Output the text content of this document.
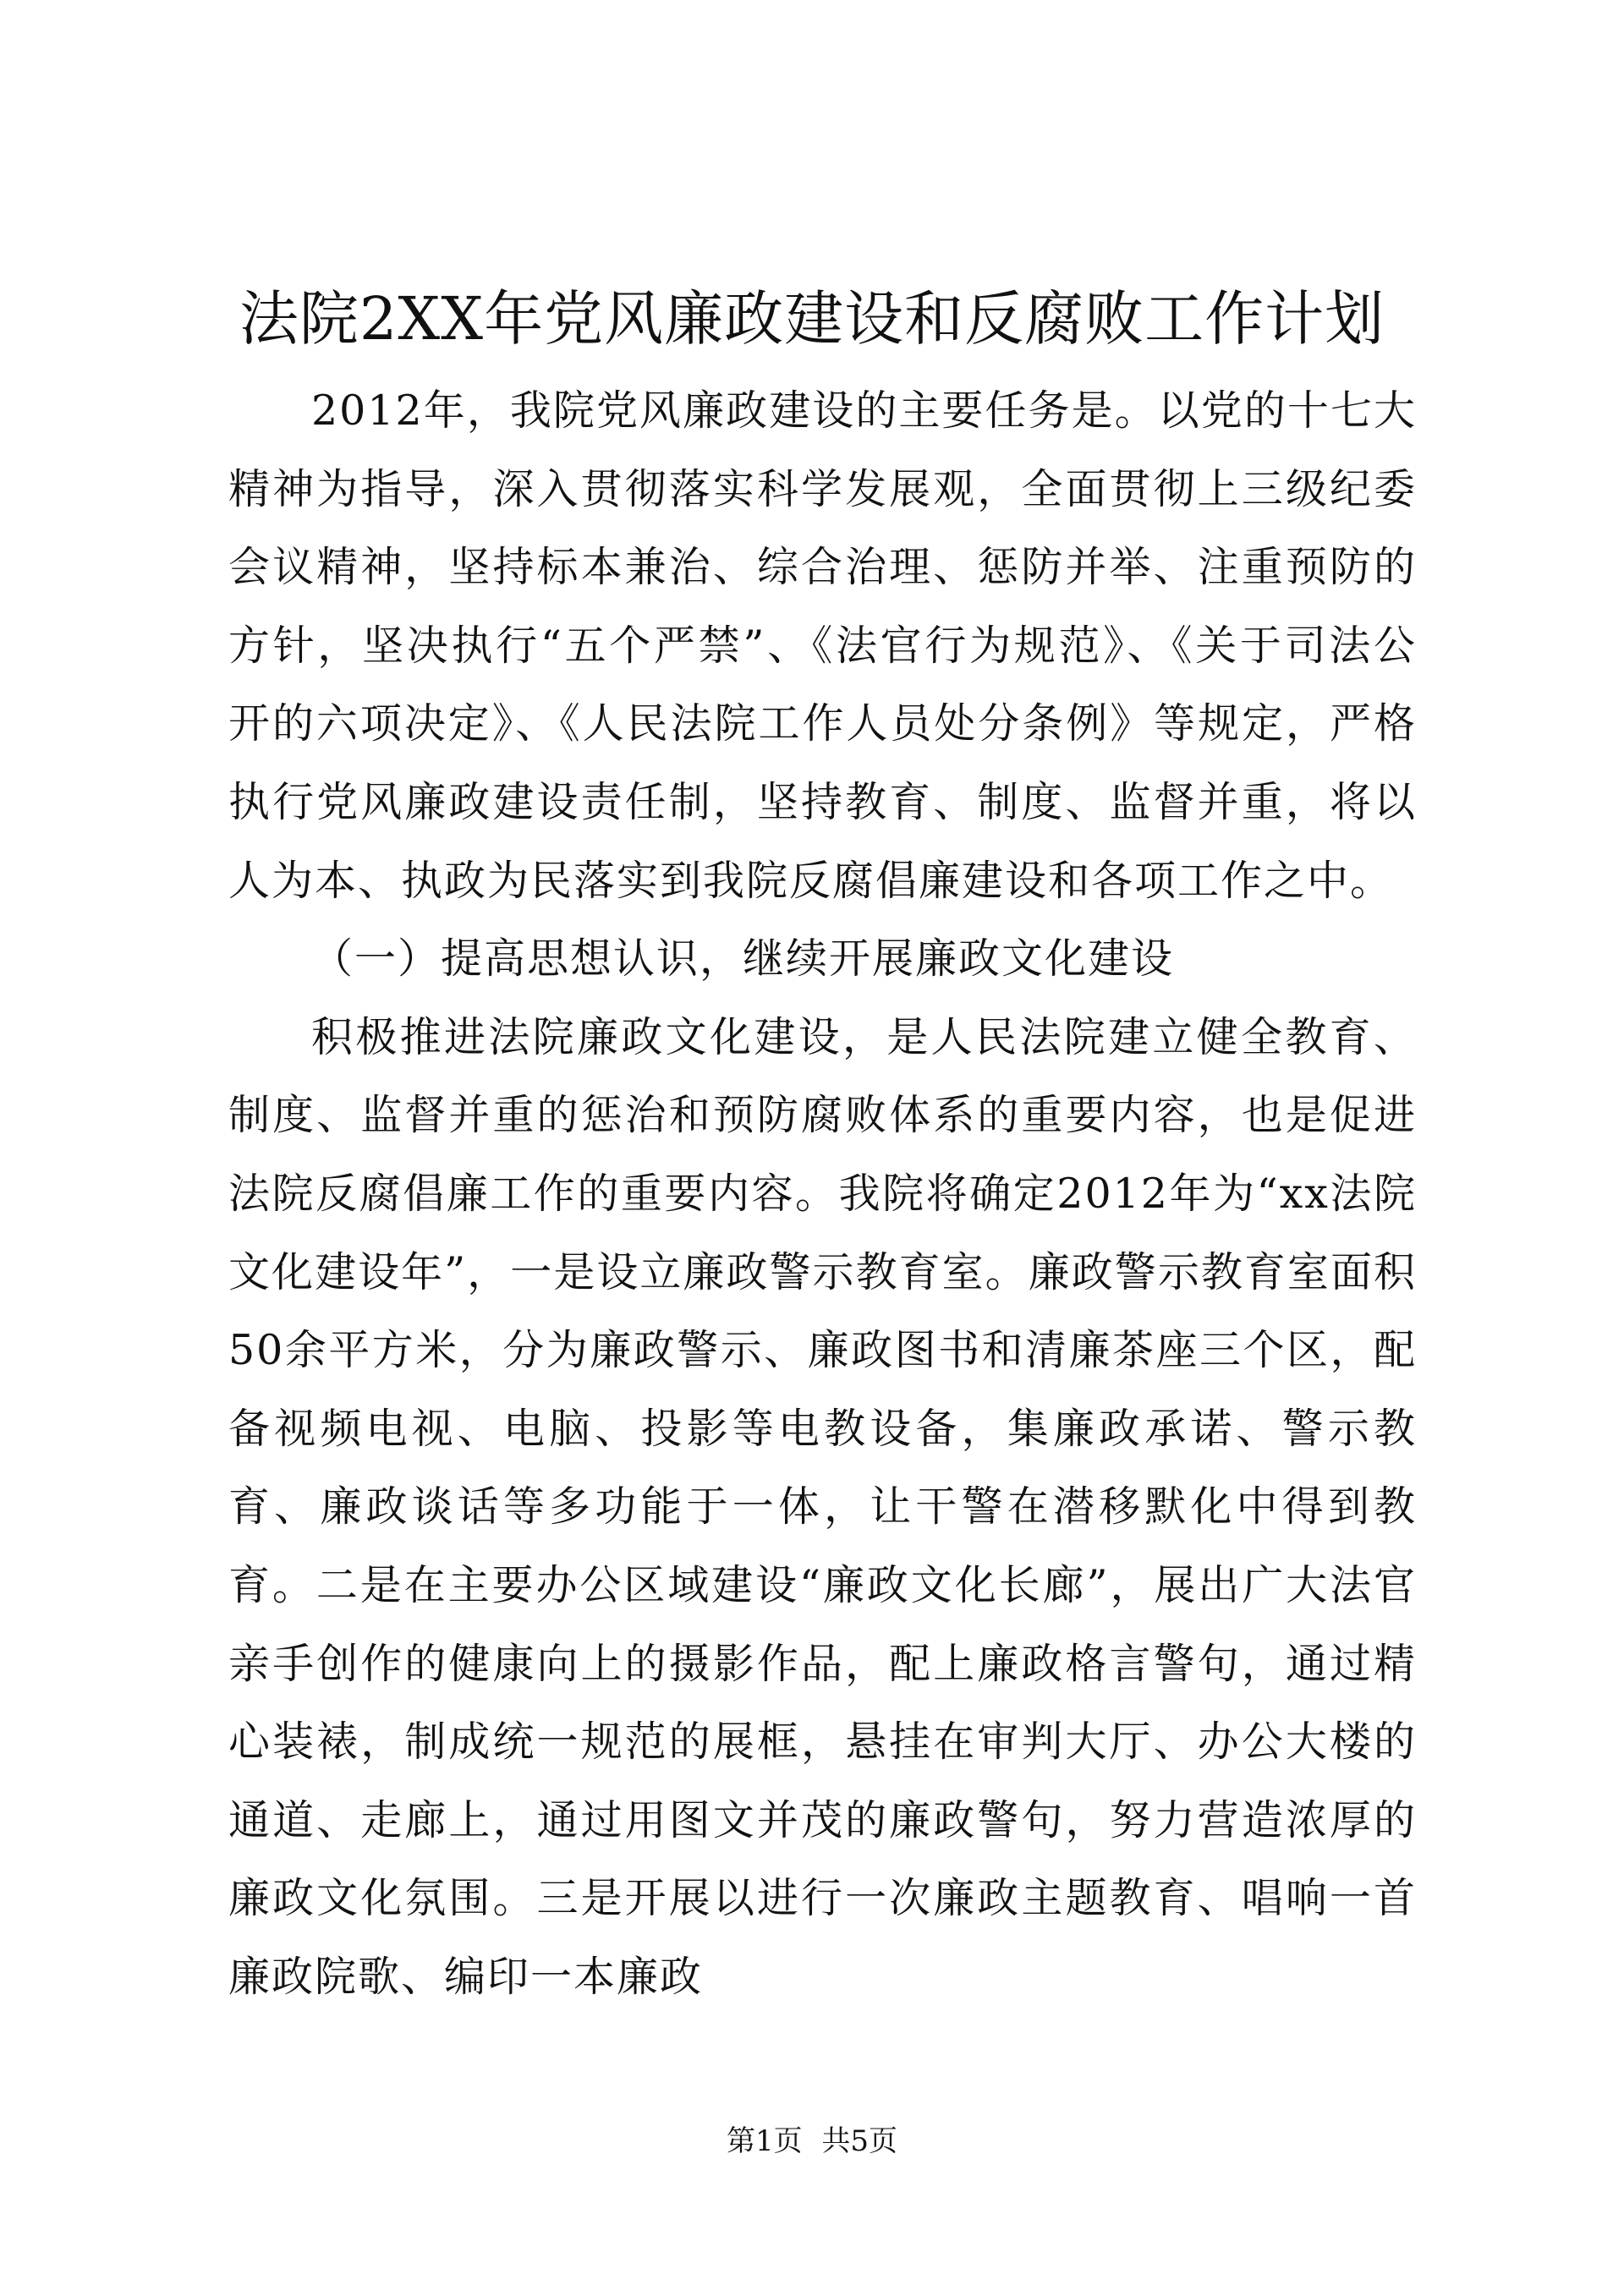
法院2XX年党风廉政建设和反腐败工作计划

2012年，我院党风廉政建设的主要任务是。以党的十七大精神为指导，深入贯彻落实科学发展观，全面贯彻上三级纪委会议精神，坚持标本兼治、综合治理、惩防并举、注重预防的方针，坚决执行“五个严禁”、《法官行为规范》、《关于司法公开的六项决定》、《人民法院工作人员处分条例》等规定，严格执行党风廉政建设责任制，坚持教育、制度、监督并重，将以人为本、执政为民落实到我院反腐倡廉建设和各项工作之中。

（一）提高思想认识，继续开展廉政文化建设

积极推进法院廉政文化建设，是人民法院建立健全教育、制度、监督并重的惩治和预防腐败体系的重要内容，也是促进法院反腐倡廉工作的重要内容。我院将确定2012年为“xx法院文化建设年”，一是设立廉政警示教育室。廉政警示教育室面积50余平方米，分为廉政警示、廉政图书和清廉茶座三个区，配备视频电视、电脑、投影等电教设备，集廉政承诺、警示教育、廉政谈话等多功能于一体，让干警在潜移默化中得到教育。二是在主要办公区域建设“廉政文化长廊”，展出广大法官亲手创作的健康向上的摄影作品，配上廉政格言警句，通过精心装裱，制成统一规范的展框，悬挂在审判大厅、办公大楼的通道、走廊上，通过用图文并茂的廉政警句，努力营造浓厚的廉政文化氛围。三是开展以进行一次廉政主题教育、唱响一首廉政院歌、编印一本廉政

第1页 共5页
